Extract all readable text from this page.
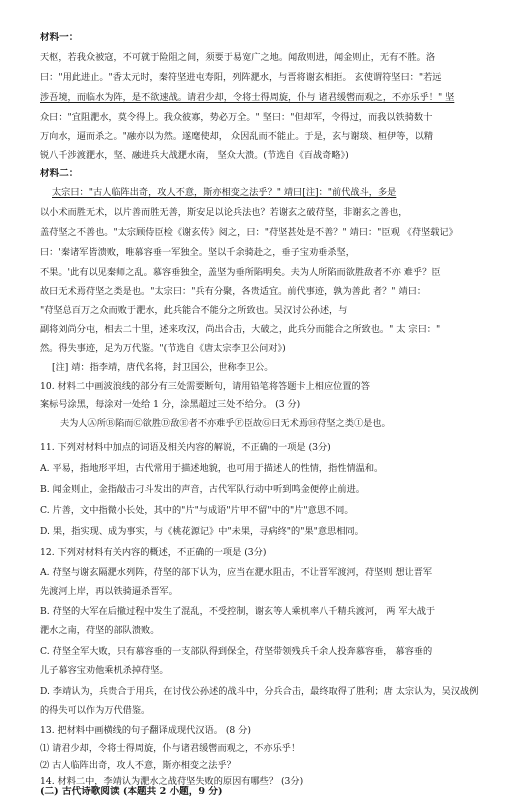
材料一：
天枢，若我众被寇，不可就于险阻之间，须要于易宽广之地。闻敌则进，闻金则止，无有不胜。洛
曰："用此进止。"香太元时，秦符坚进屯寿阳，列阵淝水，与晋将谢玄相拒。 玄使谓符坚曰："若远
涉吾境，而临水为阵，是不欲速战。请君少却，令将士得周旋，仆与 诸君缓辔而观之，不亦乐乎！" 坚
众曰："宜阻淝水，莫令得上。我众彼寡，势必万全。" 坚曰："但却军，令得过，而我以铁骑数十
万向水，逼而杀之。"融亦以为然。遂麾使却， 众因乱而不能止。于是，玄与谢琰、桓伊等，以精
锐八千涉渡淝水，坚、融进兵大战淝水南， 坚众大溃。(节选自《百战奇略》)
材料二：
太宗曰："古人临阵出奇，攻人不意，斯亦相变之法乎？" 靖曰[注]："前代战斗，多是
以小术而胜无术，以片善而胜无善，斯安足以论兵法也？若谢玄之破苻坚，非谢玄之善也，
盖苻坚之不善也。"太宗顾侍臣检《谢玄传》阅之，曰："苻坚甚处是不善？" 靖曰："臣观 《苻坚载记》
曰：'秦诸军皆溃败，唯慕容垂一军独全。坚以千余骑赴之，垂子宝劝垂杀坚，
不果。'此有以见秦师之乱。慕容垂独全，盖坚为垂所陷明矣。夫为人所陷而欲胜敌者不亦 难乎？臣
故曰无术焉苻坚之类是也。"太宗曰："兵有分聚，各贵适宜。前代事迹，孰为善此 者？" 靖曰：
"苻坚总百万之众而败于淝水，此兵能合不能分之所致也。吴汉讨公孙述，与
副将刘尚分屯，相去二十里，述来攻汉，尚出合击，大破之，此兵分而能合之所致也。" 太 宗曰："
然。得失事迹，足为万代鉴。"(节选自《唐太宗李卫公问对》)
[注] 靖：指李靖，唐代名将，封卫国公，世称李卫公。
10. 材料二中画波浪线的部分有三处需要断句，请用铅笔将答题卡上相应位置的答
案标号涂黑，每涂对一处给 1 分，涂黑超过三处不给分。 (3 分)
夫为人Ⓐ所Ⓑ陷而Ⓒ欲胜Ⓓ敌Ⓔ者不亦难乎Ⓕ臣故Ⓖ曰无术焉Ⓗ苻坚之类Ⓘ是也。
11. 下列对材料中加点的词语及相关内容的解说，不正确的一项是 (3分)
A. 平易，指地形平坦，古代常用于描述地貌，也可用于描述人的性情，指性情温和。
B. 闻金则止，金指敲击刁斗发出的声音，古代军队行动中听到鸣金便停止前进。
C. 片善，文中指微小长处，其中的"片"与成语"片甲不留"中的"片"意思不同。
D. 果，指实现、成为事实，与《桃花源记》中"未果，寻病终"的"果"意思相同。
12. 下列对材料有关内容的概述，不正确的一项是 (3分)
A. 苻坚与谢玄隔淝水列阵，苻坚的部下认为，应当在淝水阻击，不让晋军渡河，苻坚则 想让晋军
先渡河上岸，再以铁骑逼杀晋军。
B. 苻坚的大军在后撤过程中发生了混乱，不受控制，谢玄等人乘机率八千精兵渡河， 两 军大战于
淝水之南，苻坚的部队溃败。
C. 苻坚全军大败，只有慕容垂的一支部队得到保全，苻坚带领残兵千余人投奔慕容垂， 慕容垂的
儿子慕容宝劝他乘机杀掉苻坚。
D. 李靖认为，兵贵合于用兵，在讨伐公孙述的战斗中，分兵合击，最终取得了胜利；唐 太宗认为，吴汉战例
的得失可以作为万代借鉴。
13. 把材料中画横线的句子翻译成现代汉语。 (8 分)
⑴ 请君少却，令将士得周旋，仆与诸君缓辔而观之，不亦乐乎！
⑵ 古人临阵出奇，攻人不意，斯亦相变之法乎？
14. 材料二中，李靖认为淝水之战苻坚失败的原因有哪些？ (3分)
(二) 古代诗歌阅读 (本题共 2 小题，9 分)
